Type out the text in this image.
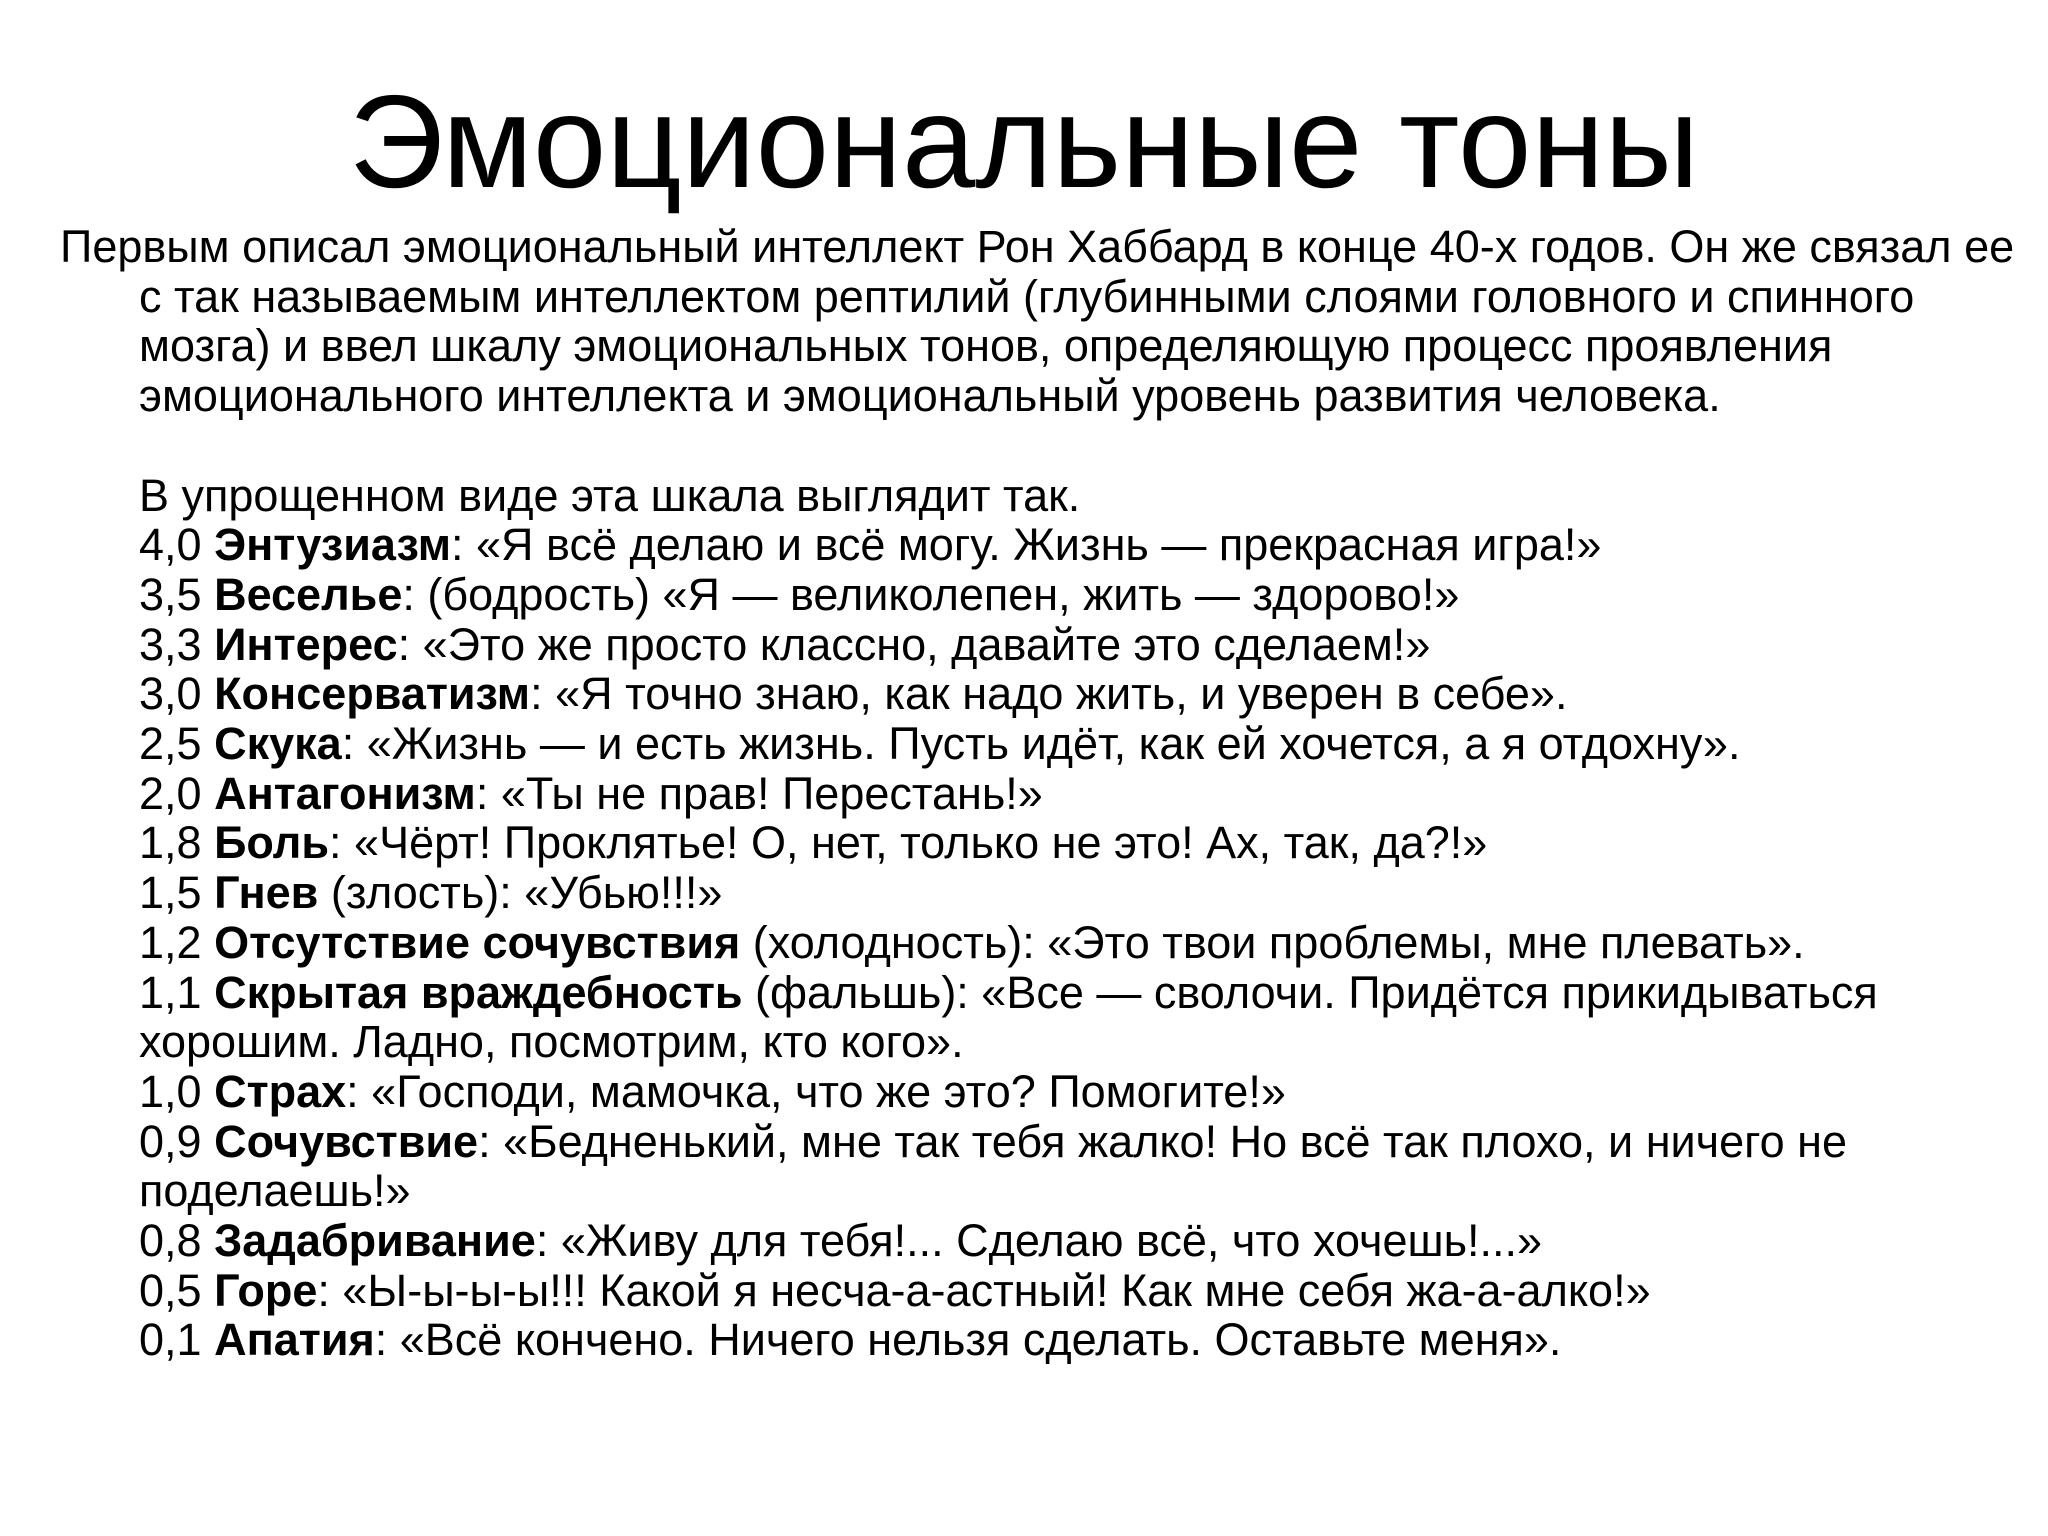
Эмоциональные тоны

Первым описал эмоциональный интеллект Рон Хаббард в конце 40-х годов. Он же связал ее с так называемым интеллектом рептилий (глубинными слоями головного и спинного мозга) и ввел шкалу эмоциональных тонов, определяющую процесс проявления эмоционального интеллекта и эмоциональный уровень развития человека.

В упрощенном виде эта шкала выглядит так.

4,0 Энтузиазм: «Я всё делаю и всё могу. Жизнь — прекрасная игра!»

3,5 Веселье: (бодрость) «Я — великолепен, жить — здорово!»

3,3 Интерес: «Это же просто классно, давайте это сделаем!»

3,0 Консерватизм: «Я точно знаю, как надо жить, и уверен в себе».

2,5 Скука: «Жизнь — и есть жизнь. Пусть идёт, как ей хочется, а я отдохну».

2,0 Антагонизм: «Ты не прав! Перестань!»

1,8 Боль: «Чёрт! Проклятье! О, нет, только не это! Ах, так, да?!»

1,5 Гнев (злость): «Убью!!!»

1,2 Отсутствие сочувствия (холодность): «Это твои проблемы, мне плевать».

1,1 Скрытая враждебность (фальшь): «Все — сволочи. Придётся прикидываться хорошим. Ладно, посмотрим, кто кого».

1,0 Страх: «Господи, мамочка, что же это? Помогите!»

0,9 Сочувствие: «Бедненький, мне так тебя жалко! Но всё так плохо, и ничего не поделаешь!»

0,8 Задабривание: «Живу для тебя!... Сделаю всё, что хочешь!...»

0,5 Горе: «Ы-ы-ы-ы!!! Какой я несча-а-астный! Как мне себя жа-а-алко!»

0,1 Апатия: «Всё кончено. Ничего нельзя сделать. Оставьте меня».
